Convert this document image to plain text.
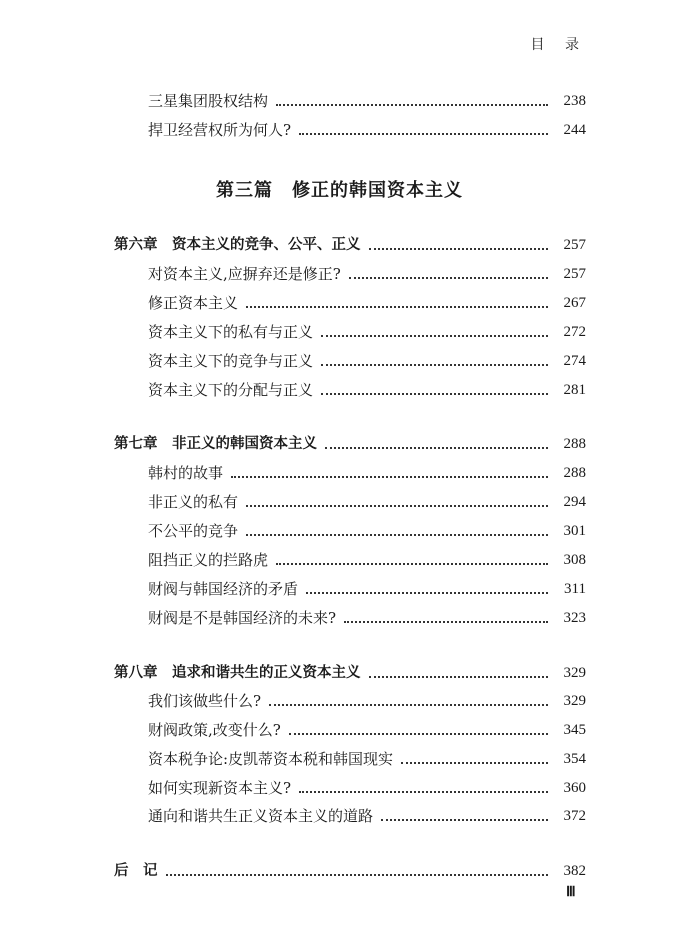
目 录
三星集团股权结构	238
捍卫经营权所为何人?	244
第三篇　修正的韩国资本主义
第六章　资本主义的竞争、公平、正义	257
对资本主义,应摒弃还是修正?	257
修正资本主义	267
资本主义下的私有与正义	272
资本主义下的竞争与正义	274
资本主义下的分配与正义	281
第七章　非正义的韩国资本主义	288
韩村的故事	288
非正义的私有	294
不公平的竞争	301
阻挡正义的拦路虎	308
财阀与韩国经济的矛盾	311
财阀是不是韩国经济的未来?	323
第八章　追求和谐共生的正义资本主义	329
我们该做些什么?	329
财阀政策,改变什么?	345
资本税争论:皮凯蒂资本税和韩国现实	354
如何实现新资本主义?	360
通向和谐共生正义资本主义的道路	372
后　记	382
Ⅲ
